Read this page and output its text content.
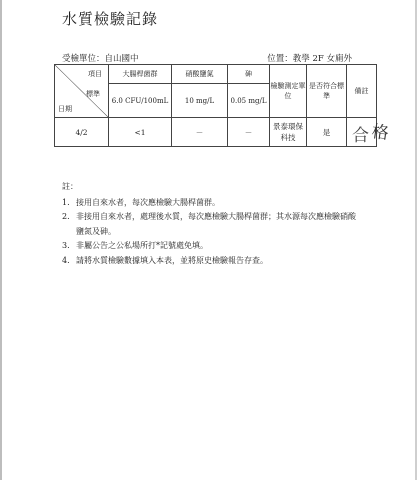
水質檢驗記錄
受檢單位：自山國中	位置：教學 2F 女廁外
項目
標準
日期	大腸桿菌群	硝酸鹽氮	砷	檢驗測定單位	是否符合標準	備註
	6.0 CFU/100mL	10 mg/L	0.05 mg/L			
4/2	<1	－	－	景泰環保科技	是	合 格
註：
1. 接用自來水者，每次應檢驗大腸桿菌群。
2. 非接用自來水者，處理後水質，每次應檢驗大腸桿菌群；其水源每次應檢驗硝酸鹽氮及砷。
3. 非屬公告之公私場所打*記號處免填。
4. 請將水質檢驗數據填入本表，並將原史檢驗報告存查。
